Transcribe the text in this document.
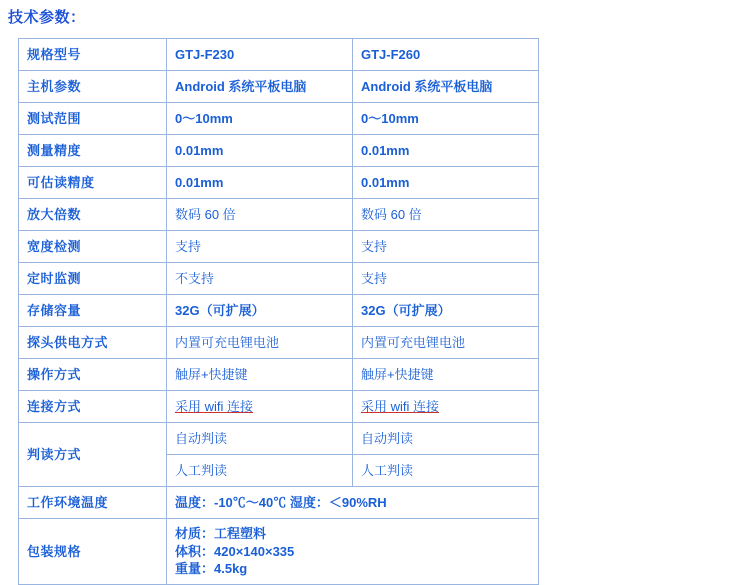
技术参数：
规格型号	GTJ-F230	GTJ-F260
主机参数	Android 系统平板电脑	Android 系统平板电脑
测试范围	0～10mm	0～10mm
测量精度	0.01mm	0.01mm
可估读精度	0.01mm	0.01mm
放大倍数	数码 60 倍	数码 60 倍
宽度检测	支持	支持
定时监测	不支持	支持
存储容量	32G（可扩展）	32G（可扩展）
探头供电方式	内置可充电锂电池	内置可充电锂电池
操作方式	触屏+快捷键	触屏+快捷键
连接方式	采用 wifi 连接	采用 wifi 连接
判读方式	自动判读	自动判读
	人工判读	人工判读
工作环境温度	温度：-10℃～40℃ 湿度：＜90%RH	
包装规格	材质：工程塑料
体积：420×140×335
重量：4.5kg	
